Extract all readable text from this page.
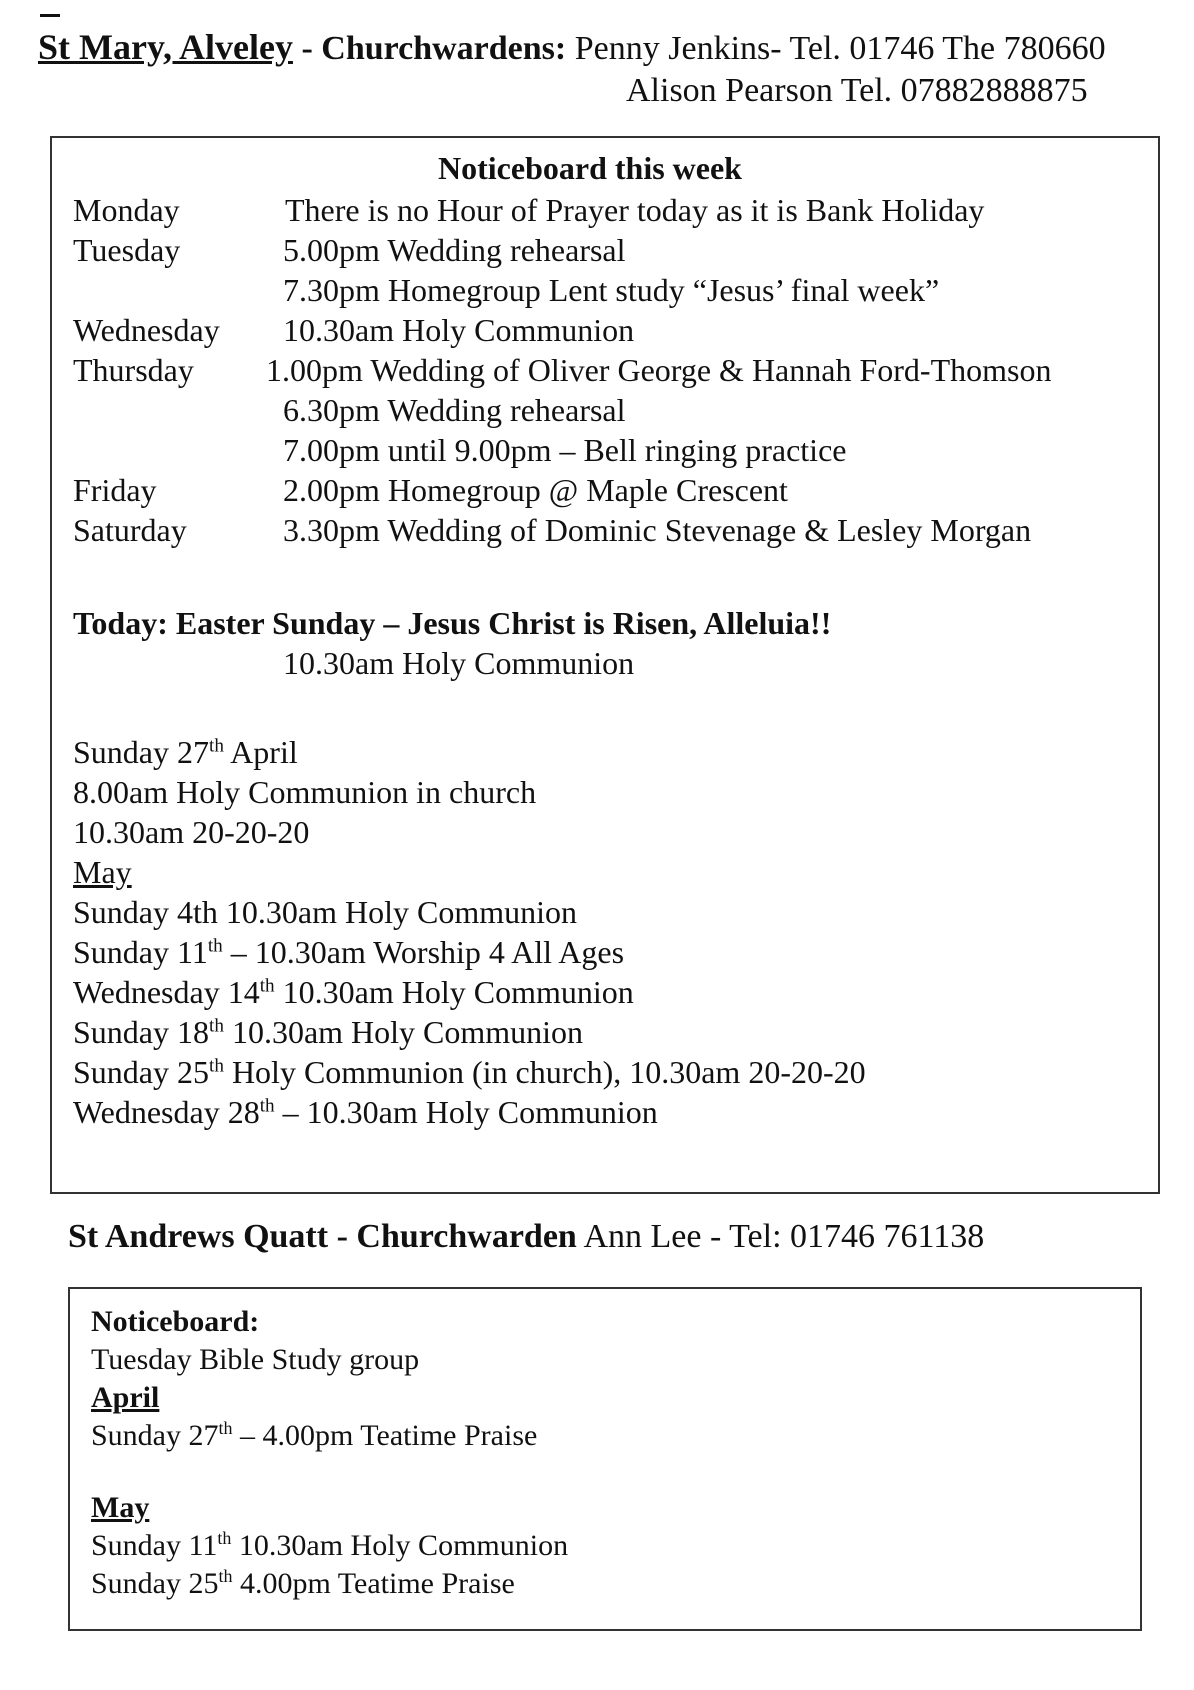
St Mary, Alveley - Churchwardens: Penny Jenkins- Tel. 01746 The 780660
Alison Pearson Tel. 07882888875
Noticeboard this week
Monday	There is no Hour of Prayer today as it is Bank Holiday
Tuesday	5.00pm Wedding rehearsal
7.30pm Homegroup Lent study “Jesus’ final week”
Wednesday 10.30am Holy Communion
Thursday 1.00pm Wedding of Oliver George & Hannah Ford-Thomson
6.30pm Wedding rehearsal
7.00pm until 9.00pm – Bell ringing practice
Friday	2.00pm Homegroup @ Maple Crescent
Saturday	3.30pm Wedding of Dominic Stevenage & Lesley Morgan
Today: Easter Sunday – Jesus Christ is Risen, Alleluia!!
10.30am Holy Communion
Sunday 27th April
8.00am Holy Communion in church
10.30am 20-20-20
May
Sunday 4th 10.30am Holy Communion
Sunday 11th – 10.30am Worship 4 All Ages
Wednesday 14th 10.30am Holy Communion
Sunday 18th 10.30am Holy Communion
Sunday 25th Holy Communion (in church), 10.30am 20-20-20
Wednesday 28th – 10.30am Holy Communion
St Andrews Quatt - Churchwarden Ann Lee - Tel: 01746 761138
Noticeboard:
Tuesday Bible Study group
April
Sunday 27th – 4.00pm Teatime Praise
May
Sunday 11th 10.30am Holy Communion
Sunday 25th 4.00pm Teatime Praise
